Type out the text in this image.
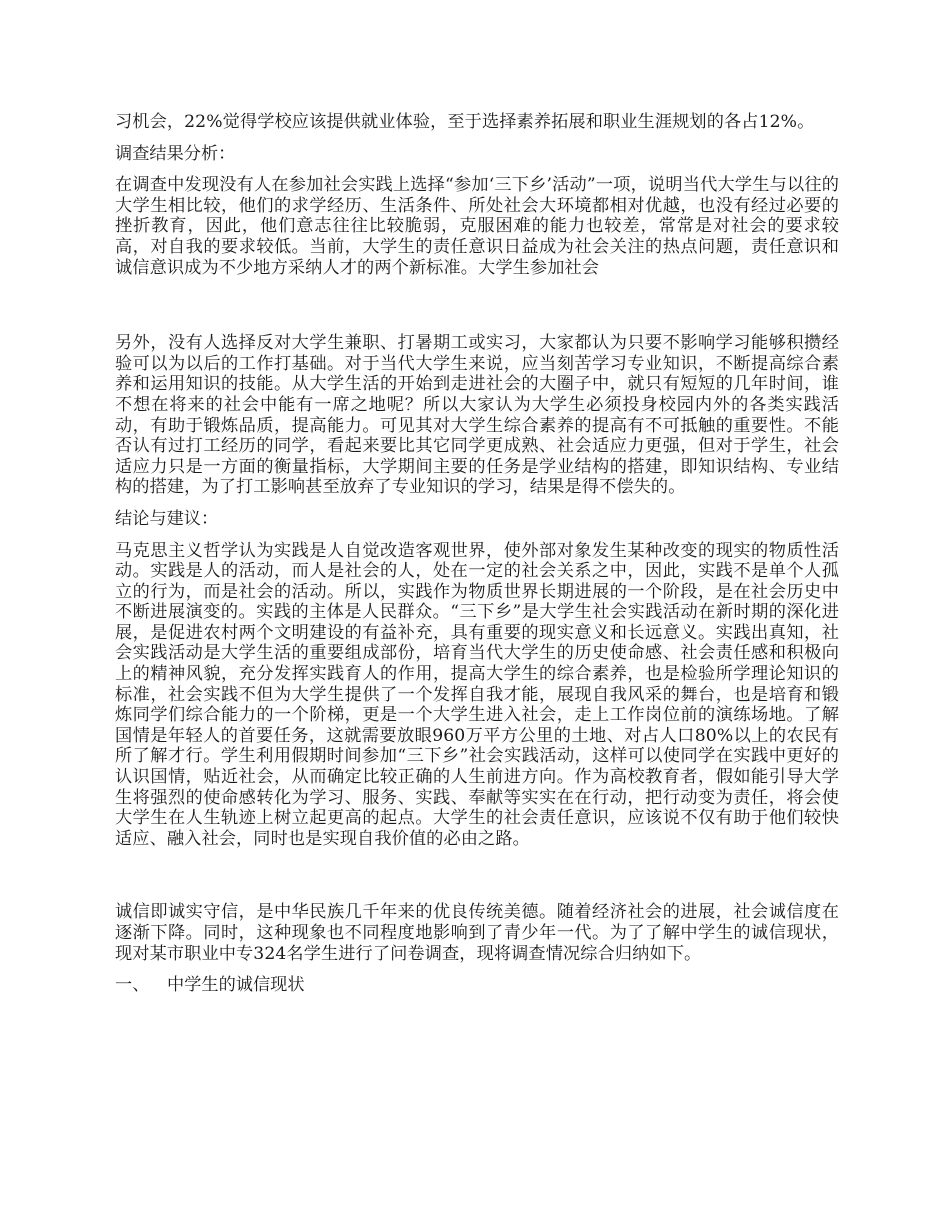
习机会，22%觉得学校应该提供就业体验，至于选择素养拓展和职业生涯规划的各占12%。

调查结果分析：

在调查中发现没有人在参加社会实践上选择“参加‘三下乡’活动”一项，说明当代大学生与以往的大学生相比较，他们的求学经历、生活条件、所处社会大环境都相对优越，也没有经过必要的挫折教育，因此，他们意志往往比较脆弱，克服困难的能力也较差，常常是对社会的要求较高，对自我的要求较低。当前，大学生的责任意识日益成为社会关注的热点问题，责任意识和诚信意识成为不少地方采纳人才的两个新标准。大学生参加社会

另外，没有人选择反对大学生兼职、打暑期工或实习，大家都认为只要不影响学习能够积攒经验可以为以后的工作打基础。对于当代大学生来说，应当刻苦学习专业知识，不断提高综合素养和运用知识的技能。从大学生活的开始到走进社会的大圈子中，就只有短短的几年时间，谁不想在将来的社会中能有一席之地呢？所以大家认为大学生必须投身校园内外的各类实践活动，有助于锻炼品质，提高能力。可见其对大学生综合素养的提高有不可抵触的重要性。不能否认有过打工经历的同学，看起来要比其它同学更成熟、社会适应力更强，但对于学生，社会适应力只是一方面的衡量指标，大学期间主要的任务是学业结构的搭建，即知识结构、专业结构的搭建，为了打工影响甚至放弃了专业知识的学习，结果是得不偿失的。

结论与建议：

马克思主义哲学认为实践是人自觉改造客观世界，使外部对象发生某种改变的现实的物质性活动。实践是人的活动，而人是社会的人，处在一定的社会关系之中，因此，实践不是单个人孤立的行为，而是社会的活动。所以，实践作为物质世界长期进展的一个阶段，是在社会历史中不断进展演变的。实践的主体是人民群众。“三下乡”是大学生社会实践活动在新时期的深化进展，是促进农村两个文明建设的有益补充，具有重要的现实意义和长远意义。实践出真知，社会实践活动是大学生活的重要组成部份，培育当代大学生的历史使命感、社会责任感和积极向上的精神风貌，充分发挥实践育人的作用，提高大学生的综合素养，也是检验所学理论知识的标准，社会实践不但为大学生提供了一个发挥自我才能，展现自我风采的舞台，也是培育和锻炼同学们综合能力的一个阶梯，更是一个大学生进入社会，走上工作岗位前的演练场地。了解国情是年轻人的首要任务，这就需要放眼960万平方公里的土地、对占人口80%以上的农民有所了解才行。学生利用假期时间参加“三下乡”社会实践活动，这样可以使同学在实践中更好的认识国情，贴近社会，从而确定比较正确的人生前进方向。作为高校教育者，假如能引导大学生将强烈的使命感转化为学习、服务、实践、奉献等实实在在行动，把行动变为责任，将会使大学生在人生轨迹上树立起更高的起点。大学生的社会责任意识，应该说不仅有助于他们较快适应、融入社会，同时也是实现自我价值的必由之路。

诚信即诚实守信，是中华民族几千年来的优良传统美德。随着经济社会的进展，社会诚信度在逐渐下降。同时，这种现象也不同程度地影响到了青少年一代。为了了解中学生的诚信现状，现对某市职业中专324名学生进行了问卷调查，现将调查情况综合归纳如下。

一、	中学生的诚信现状
